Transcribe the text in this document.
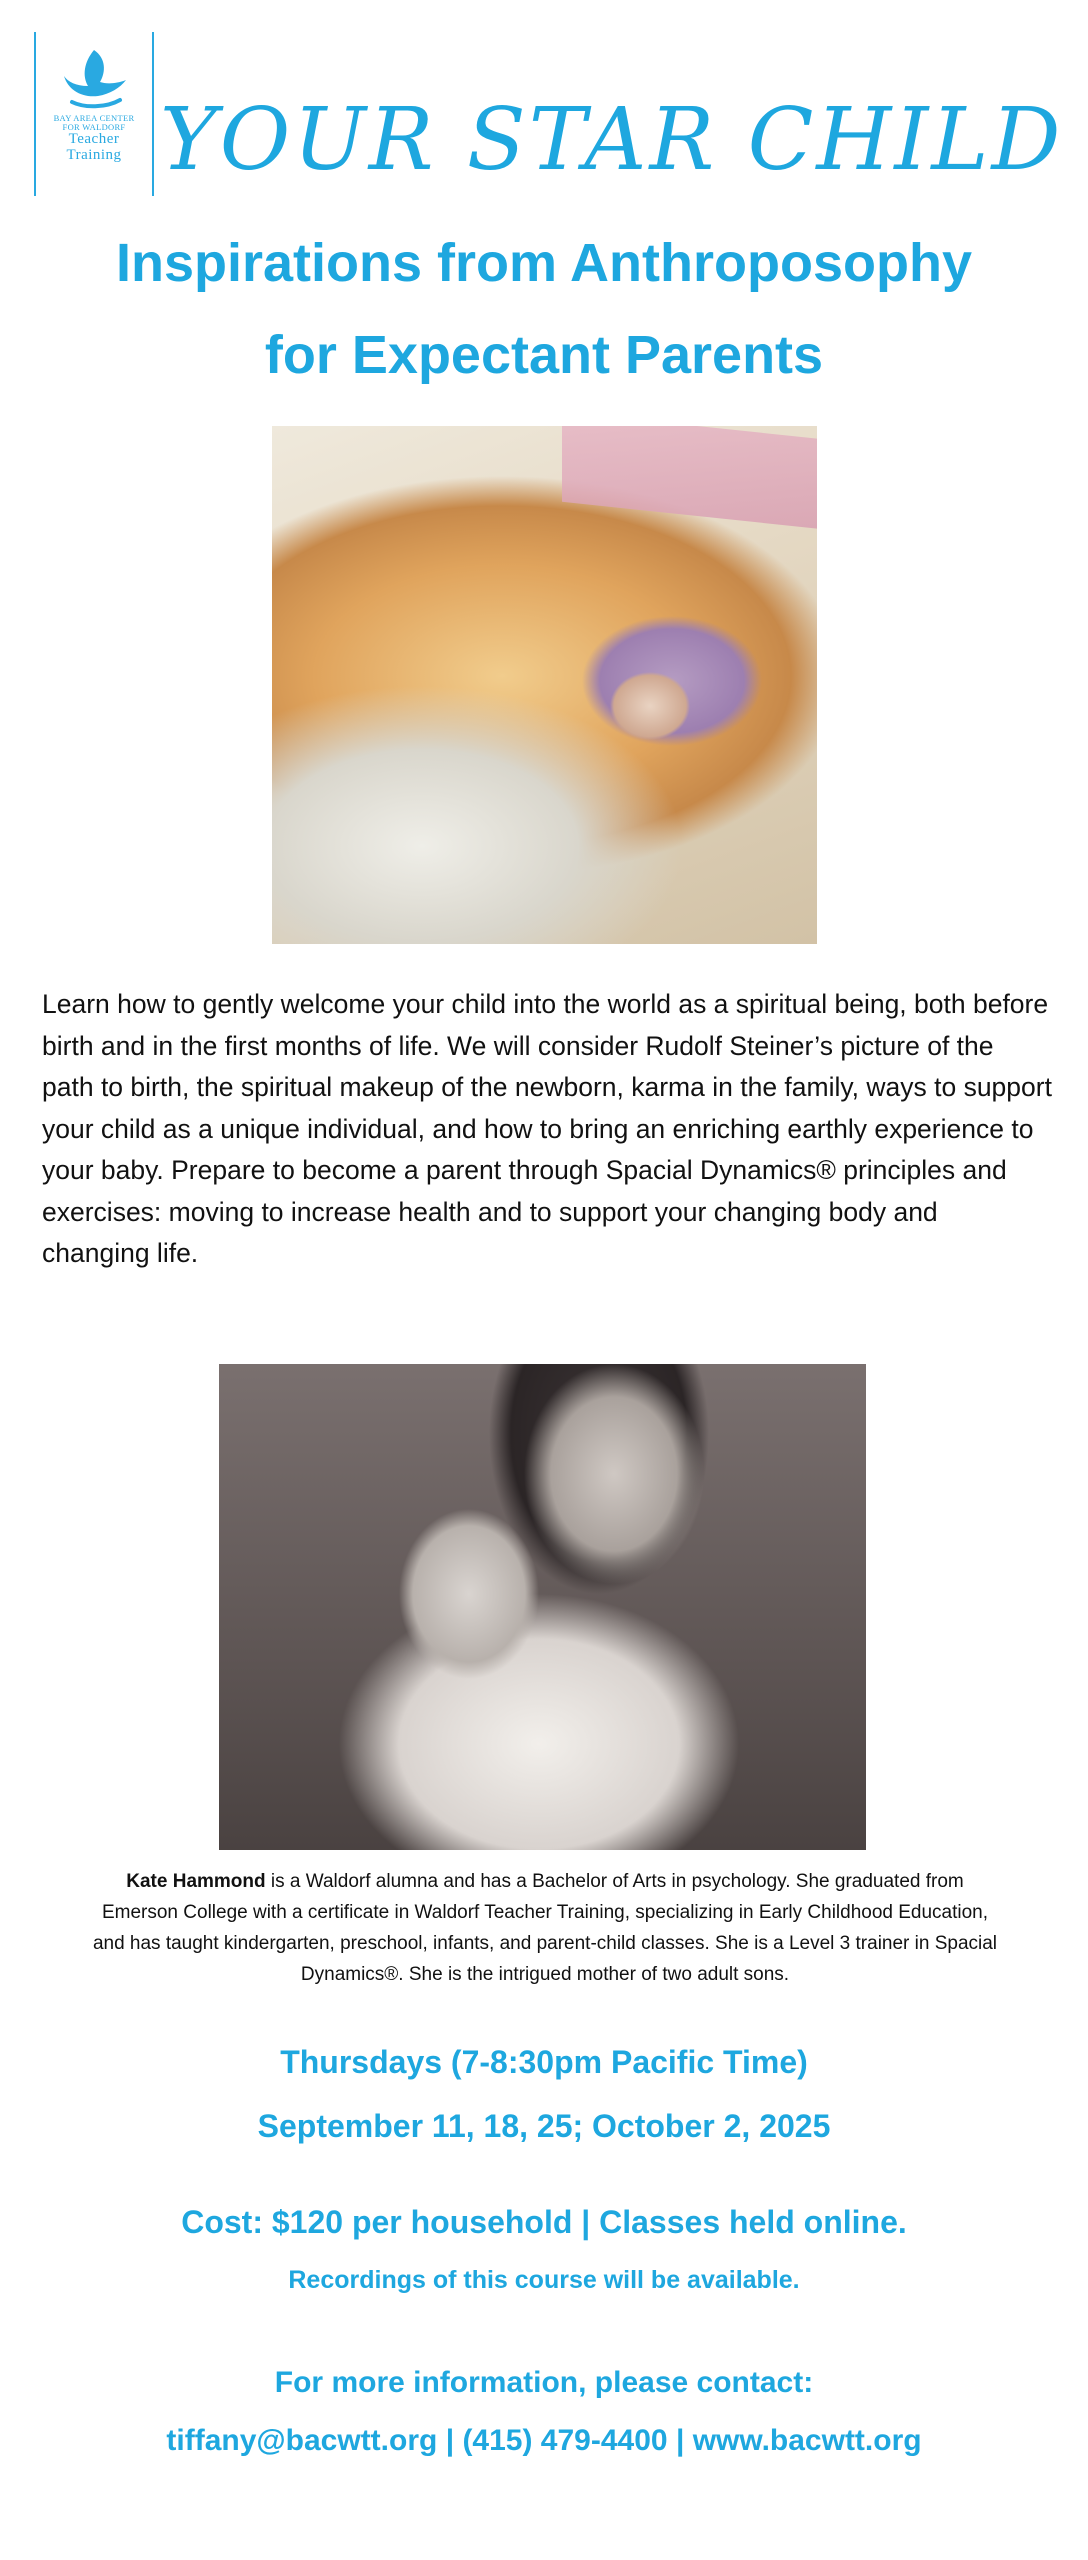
BAY AREA CENTER
FOR WALDORF
Teacher
Training YOUR STAR CHILD
Inspirations from Anthroposophy
for Expectant Parents
Learn how to gently welcome your child into the world as a spiritual being, both before birth and in the first months of life. We will consider Rudolf Steiner’s picture of the path to birth, the spiritual makeup of the newborn, karma in the family, ways to support your child as a unique individual, and how to bring an enriching earthly experience to your baby. Prepare to become a parent through Spacial Dynamics® principles and exercises: moving to increase health and to support your changing body and changing life.
Kate Hammond is a Waldorf alumna and has a Bachelor of Arts in psychology. She graduated from Emerson College with a certificate in Waldorf Teacher Training, specializing in Early Childhood Education, and has taught kindergarten, preschool, infants, and parent-child classes. She is a Level 3 trainer in Spacial Dynamics®. She is the intrigued mother of two adult sons.
Thursdays (7-8:30pm Pacific Time)
September 11, 18, 25; October 2, 2025
Cost: $120 per household | Classes held online.
Recordings of this course will be available.
For more information, please contact:
tiffany@bacwtt.org | (415) 479-4400 | www.bacwtt.org
